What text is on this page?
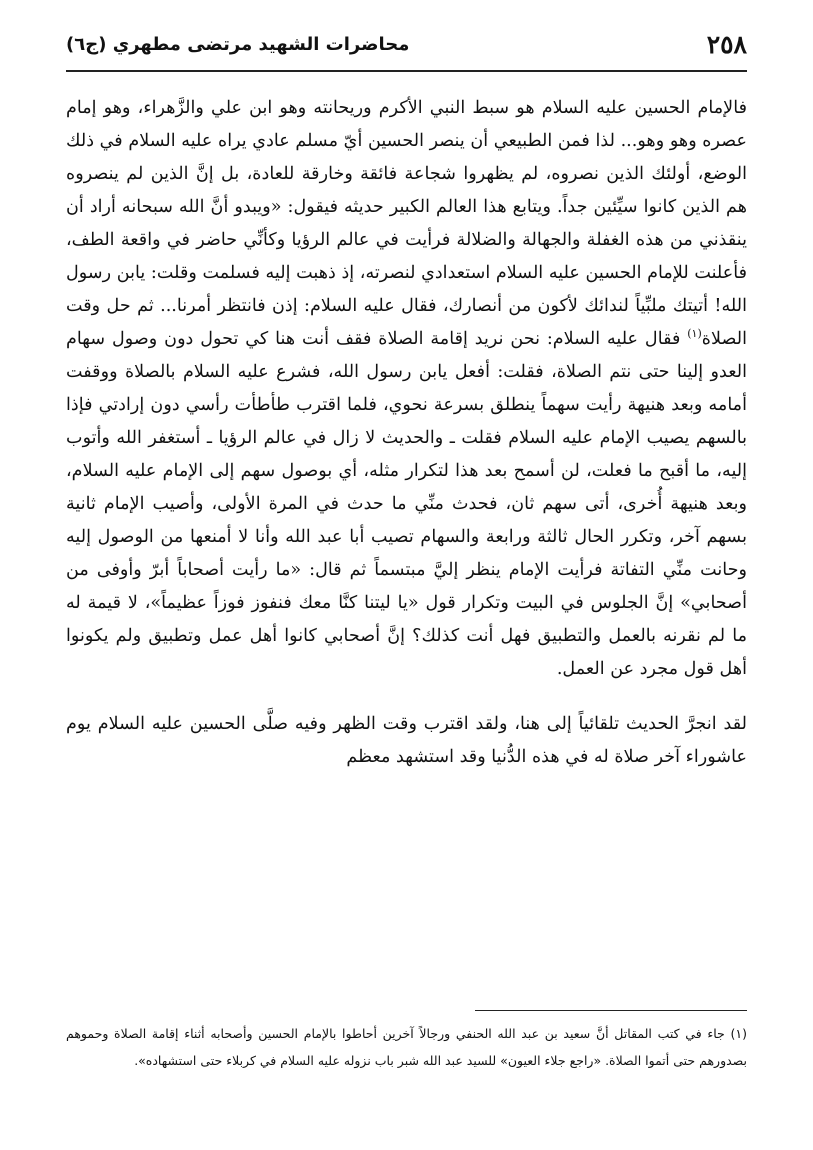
٢٥٨
محاضرات الشهيد مرتضى مطهري (ج٦)

فالإمام الحسين عليه السلام هو سبط النبي الأكرم وريحانته وهو ابن علي والزَّهراء، وهو إمام عصره وهو وهو... لذا فمن الطبيعي أن ينصر الحسين أيّ مسلم عادي يراه عليه السلام في ذلك الوضع، أولئك الذين نصروه، لم يظهروا شجاعة فائقة وخارقة للعادة، بل إنَّ الذين لم ينصروه هم الذين كانوا سيِّئين جداً. ويتابع هذا العالم الكبير حديثه فيقول: «ويبدو أنَّ الله سبحانه أراد أن ينقذني من هذه الغفلة والجهالة والضلالة فرأيت في عالم الرؤيا وكأنِّي حاضر في واقعة الطف، فأعلنت للإمام الحسين عليه السلام استعدادي لنصرته، إذ ذهبت إليه فسلمت وقلت: يابن رسول الله! أتيتك ملبِّياً لندائك لأكون من أنصارك، فقال عليه السلام: إذن فانتظر أمرنا... ثم حل وقت الصلاة$^{(١)}$ فقال عليه السلام: نحن نريد إقامة الصلاة فقف أنت هنا كي تحول دون وصول سهام العدو إلينا حتى نتم الصلاة، فقلت: أفعل يابن رسول الله، فشرع عليه السلام بالصلاة ووقفت أمامه وبعد هنيهة رأيت سهماً ينطلق بسرعة نحوي، فلما اقترب طأطأت رأسي دون إرادتي فإذا بالسهم يصيب الإمام عليه السلام فقلت ـ والحديث لا زال في عالم الرؤيا ـ أستغفر الله وأتوب إليه، ما أقبح ما فعلت، لن أسمح بعد هذا لتكرار مثله، أي بوصول سهم إلى الإمام عليه السلام، وبعد هنيهة أُخرى، أتى سهم ثان، فحدث منِّي ما حدث في المرة الأولى، وأصيب الإمام ثانية بسهم آخر، وتكرر الحال ثالثة ورابعة والسهام تصيب أبا عبد الله وأنا لا أمنعها من الوصول إليه وحانت منِّي التفاتة فرأيت الإمام ينظر إليَّ مبتسماً ثم قال: «ما رأيت أصحاباً أبرّ وأوفى من أصحابي» إنَّ الجلوس في البيت وتكرار قول «يا ليتنا كنَّا معك فنفوز فوزاً عظيماً»، لا قيمة له ما لم نقرنه بالعمل والتطبيق فهل أنت كذلك؟ إنَّ أصحابي كانوا أهل عمل وتطبيق ولم يكونوا أهل قول مجرد عن العمل.

لقد انجرَّ الحديث تلقائياً إلى هنا، ولقد اقترب وقت الظهر وفيه صلَّى الحسين عليه السلام يوم عاشوراء آخر صلاة له في هذه الدُّنيا وقد استشهد معظم

(١) جاء في كتب المقاتل أنَّ سعيد بن عبد الله الحنفي ورجالاً آخرين أحاطوا بالإمام الحسين وأصحابه أثناء إقامة الصلاة وحموهم بصدورهم حتى أتموا الصلاة. «راجع جلاء العيون» للسيد عبد الله شبر باب نزوله عليه السلام في كربلاء حتى استشهاده».
